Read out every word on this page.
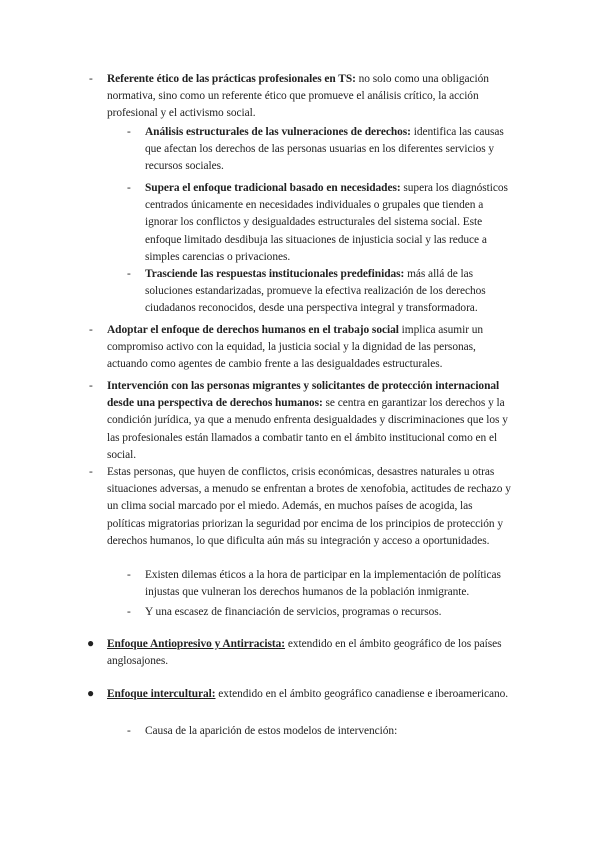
-	Referente ético de las prácticas profesionales en TS: no solo como una obligación normativa, sino como un referente ético que promueve el análisis crítico, la acción profesional y el activismo social.
-	Análisis estructurales de las vulneraciones de derechos: identifica las causas que afectan los derechos de las personas usuarias en los diferentes servicios y recursos sociales.
-	Supera el enfoque tradicional basado en necesidades: supera los diagnósticos centrados únicamente en necesidades individuales o grupales que tienden a ignorar los conflictos y desigualdades estructurales del sistema social. Este enfoque limitado desdibuja las situaciones de injusticia social y las reduce a simples carencias o privaciones.
-	Trasciende las respuestas institucionales predefinidas: más allá de las soluciones estandarizadas, promueve la efectiva realización de los derechos ciudadanos reconocidos, desde una perspectiva integral y transformadora.
-	Adoptar el enfoque de derechos humanos en el trabajo social implica asumir un compromiso activo con la equidad, la justicia social y la dignidad de las personas, actuando como agentes de cambio frente a las desigualdades estructurales.
-	Intervención con las personas migrantes y solicitantes de protección internacional desde una perspectiva de derechos humanos: se centra en garantizar los derechos y la condición jurídica, ya que a menudo enfrenta desigualdades y discriminaciones que los y las profesionales están llamados a combatir tanto en el ámbito institucional como en el social.
-	Estas personas, que huyen de conflictos, crisis económicas, desastres naturales u otras situaciones adversas, a menudo se enfrentan a brotes de xenofobia, actitudes de rechazo y un clima social marcado por el miedo. Además, en muchos países de acogida, las políticas migratorias priorizan la seguridad por encima de los principios de protección y derechos humanos, lo que dificulta aún más su integración y acceso a oportunidades.
-	Existen dilemas éticos a la hora de participar en la implementación de políticas injustas que vulneran los derechos humanos de la población inmigrante.
-	Y una escasez de financiación de servicios, programas o recursos.
●	Enfoque Antiopresivo y Antirracista: extendido en el ámbito geográfico de los países anglosajones.
●	Enfoque intercultural: extendido en el ámbito geográfico canadiense e iberoamericano.
-	Causa de la aparición de estos modelos de intervención:
